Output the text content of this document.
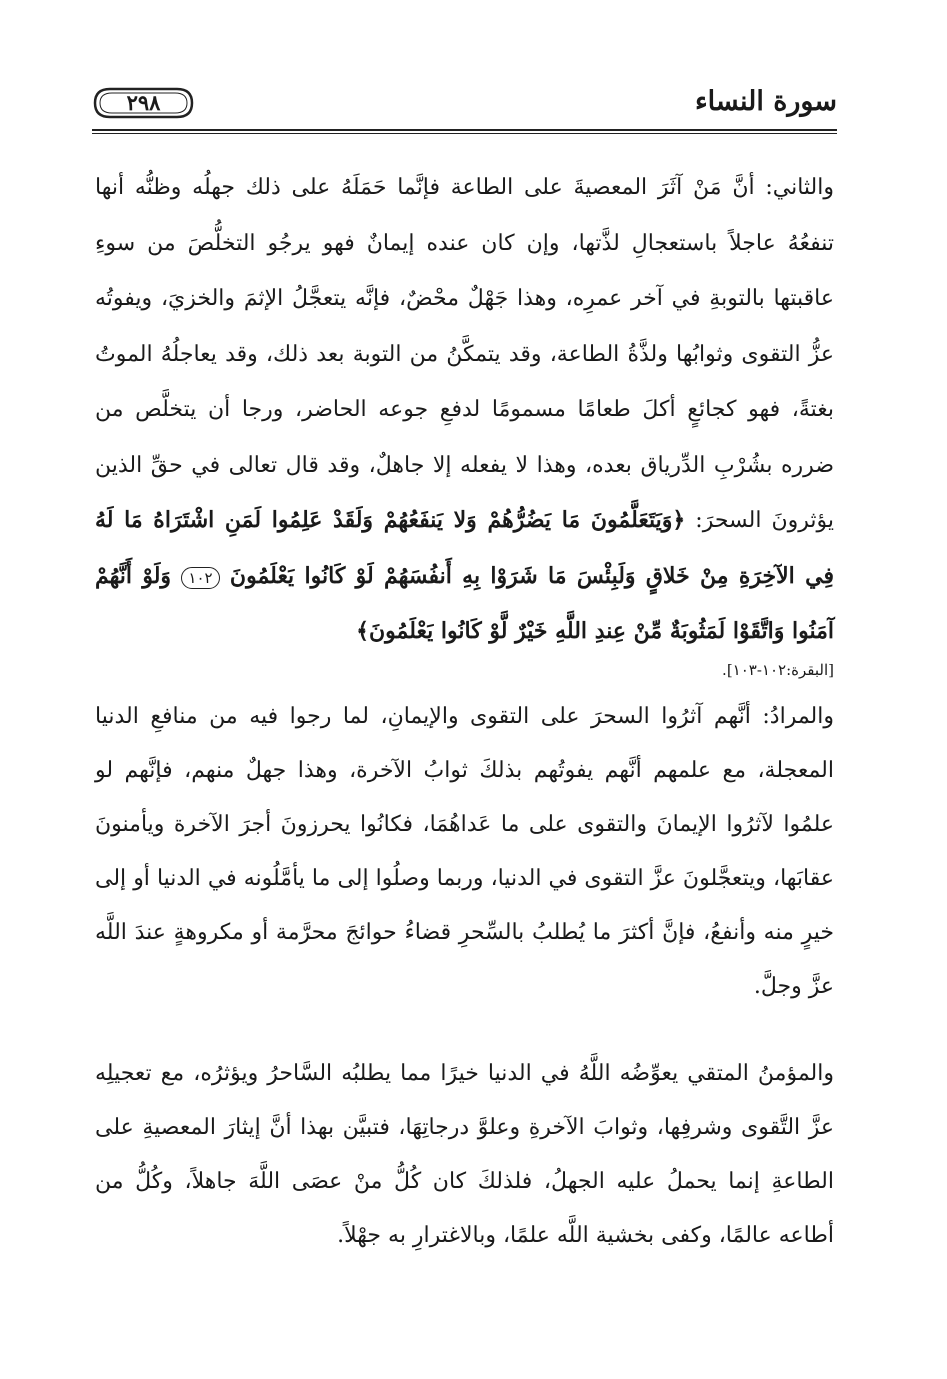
سورة النساء
٢٩٨
والثاني: أنَّ مَنْ آثَرَ المعصيةَ على الطاعة فإنَّما حَمَلَهُ على ذلك جهلُه وظنُّه أنها تنفعُهُ عاجلاً باستعجالِ لذَّتها، وإن كان عنده إيمانٌ فهو يرجُو التخلُّصَ من سوءِ عاقبتها بالتوبةِ في آخر عمرِه، وهذا جَهْلٌ محْضٌ، فإنَّه يتعجَّلُ الإثمَ والخزيَ، ويفوتُه عزُّ التقوى وثوابُها ولذَّةُ الطاعة، وقد يتمكَّنُ من التوبة بعد ذلك، وقد يعاجلُهُ الموتُ بغتةً، فهو كجائعٍ أكلَ طعامًا مسمومًا لدفعِ جوعه الحاضر، ورجا أن يتخلَّص من ضرره بشُرْبِ الدِّرياق بعده، وهذا لا يفعله إلا جاهلٌ، وقد قال تعالى في حقِّ الذين يؤثرونَ السحرَ: ﴿وَيَتَعَلَّمُونَ مَا يَضُرُّهُمْ وَلا يَنفَعُهُمْ وَلَقَدْ عَلِمُوا لَمَنِ اشْتَرَاهُ مَا لَهُ فِي الآخِرَةِ مِنْ خَلاقٍ وَلَبِئْسَ مَا شَرَوْا بِهِ أَنفُسَهُمْ لَوْ كَانُوا يَعْلَمُونَ ١٠٢ وَلَوْ أَنَّهُمْ آمَنُوا وَاتَّقَوْا لَمَثُوبَةٌ مِّنْ عِندِ اللَّهِ خَيْرٌ لَّوْ كَانُوا يَعْلَمُونَ﴾
[البقرة:١٠٢-١٠٣].
والمرادُ: أنَّهم آثرُوا السحرَ على التقوى والإيمانِ، لما رجوا فيه من منافعِ الدنيا المعجلة، مع علمهم أنَّهم يفوتُهم بذلكَ ثوابُ الآخرة، وهذا جهلٌ منهم، فإنَّهم لو علمُوا لآثرُوا الإيمانَ والتقوى على ما عَداهُمَا، فكانُوا يحرزونَ أجرَ الآخرة ويأمنونَ عقابَها، ويتعجَّلونَ عزَّ التقوى في الدنيا، وربما وصلُوا إلى ما يأمَّلُونه في الدنيا أو إلى خيرٍ منه وأنفعُ، فإنَّ أكثرَ ما يُطلبُ بالسِّحرِ قضاءُ حوائجَ محرَّمة أو مكروهةٍ عندَ اللَّه عزَّ وجلَّ.
والمؤمنُ المتقي يعوِّضُه اللَّهُ في الدنيا خيرًا مما يطلبُه السَّاحرُ ويؤثرُه، مع تعجيلِه عزَّ التَّقوى وشرفِها، وثوابَ الآخرةِ وعلوَّ درجاتِهَا، فتبيَّن بهذا أنَّ إيثارَ المعصيةِ على الطاعةِ إنما يحملُ عليه الجهلُ، فلذلكَ كان كُلُّ منْ عصَى اللَّهَ جاهلاً، وكُلُّ من أطاعه عالمًا، وكفى بخشية اللَّه علمًا، وبالاغترارِ به جهْلاً.
